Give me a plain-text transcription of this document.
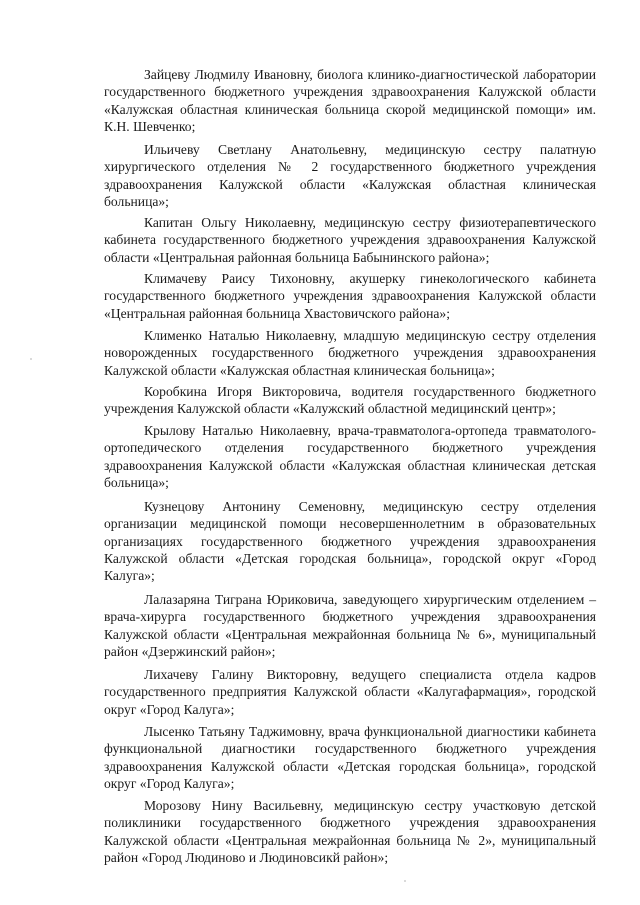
Зайцеву Людмилу Ивановну, биолога клинико-диагностической лаборатории государственного бюджетного учреждения здравоохранения Калужской области «Калужская областная клиническая больница скорой медицинской помощи» им. К.Н. Шевченко;

Ильичеву Светлану Анатольевну, медицинскую сестру палатную хирургического отделения № 2 государственного бюджетного учреждения здравоохранения Калужской области «Калужская областная клиническая больница»;

Капитан Ольгу Николаевну, медицинскую сестру физиотерапевтического кабинета государственного бюджетного учреждения здравоохранения Калужской области «Центральная районная больница Бабынинского района»;

Климачеву Раису Тихоновну, акушерку гинекологического кабинета государственного бюджетного учреждения здравоохранения Калужской области «Центральная районная больница Хвастовичского района»;

Клименко Наталью Николаевну, младшую медицинскую сестру отделения новорожденных государственного бюджетного учреждения здравоохранения Калужской области «Калужская областная клиническая больница»;

Коробкина Игоря Викторовича, водителя государственного бюджетного учреждения Калужской области «Калужский областной медицинский центр»;

Крылову Наталью Николаевну, врача-травматолога-ортопеда травматолого-ортопедического отделения государственного бюджетного учреждения здравоохранения Калужской области «Калужская областная клиническая детская больница»;

Кузнецову Антонину Семеновну, медицинскую сестру отделения организации медицинской помощи несовершеннолетним в образовательных организациях государственного бюджетного учреждения здравоохранения Калужской области «Детская городская больница», городской округ «Город Калуга»;

Лалазаряна Тиграна Юриковича, заведующего хирургическим отделением – врача-хирурга государственного бюджетного учреждения здравоохранения Калужской области «Центральная межрайонная больница № 6», муниципальный район «Дзержинский район»;

Лихачеву Галину Викторовну, ведущего специалиста отдела кадров государственного предприятия Калужской области «Калугафармация», городской округ «Город Калуга»;

Лысенко Татьяну Таджимовну, врача функциональной диагностики кабинета функциональной диагностики государственного бюджетного учреждения здравоохранения Калужской области «Детская городская больница», городской округ «Город Калуга»;

Морозову Нину Васильевну, медицинскую сестру участковую детской поликлиники государственного бюджетного учреждения здравоохранения Калужской области «Центральная межрайонная больница № 2», муниципальный район «Город Людиново и Людиновсикй район»;
